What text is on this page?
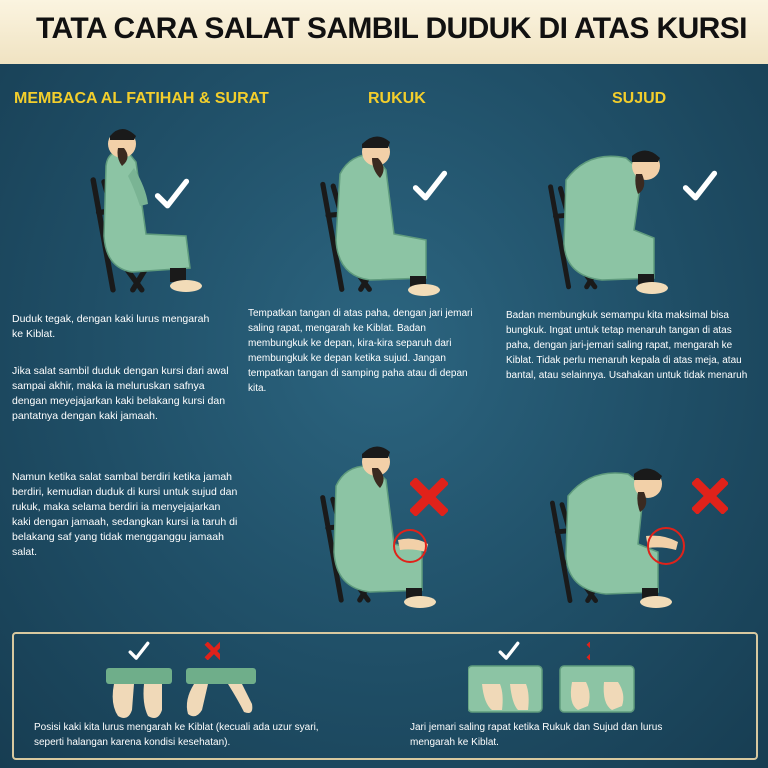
TATA CARA SALAT SAMBIL DUDUK DI ATAS KURSI
MEMBACA AL FATIHAH & SURAT	RUKUK	SUJUD

Duduk tegak, dengan kaki lurus mengarah ke Kiblat.

Jika salat sambil duduk dengan kursi dari awal sampai akhir, maka ia meluruskan safnya dengan meyejajarkan kaki belakang kursi dan pantatnya dengan kaki jamaah.

Namun ketika salat sambal berdiri ketika jamah berdiri, kemudian duduk di kursi untuk sujud dan rukuk, maka selama berdiri ia menyejajarkan kaki dengan jamaah, sedangkan kursi ia taruh di belakang saf yang tidak mengganggu jamaah salat.

Tempatkan tangan di atas paha, dengan jari jemari saling rapat, mengarah ke Kiblat. Badan membungkuk ke depan, kira-kira separuh dari membungkuk ke depan ketika sujud. Jangan tempatkan tangan di samping paha atau di depan kita.

Badan membungkuk semampu kita maksimal bisa bungkuk. Ingat untuk tetap menaruh tangan di atas paha, dengan jari-jemari saling rapat, mengarah ke Kiblat. Tidak perlu menaruh kepala di atas meja, atau bantal, atau selainnya. Usahakan untuk tidak menaruh

Posisi kaki kita lurus mengarah ke Kiblat (kecuali ada uzur syari, seperti halangan karena kondisi kesehatan).

Jari jemari saling rapat ketika Rukuk dan Sujud dan lurus mengarah ke Kiblat.
